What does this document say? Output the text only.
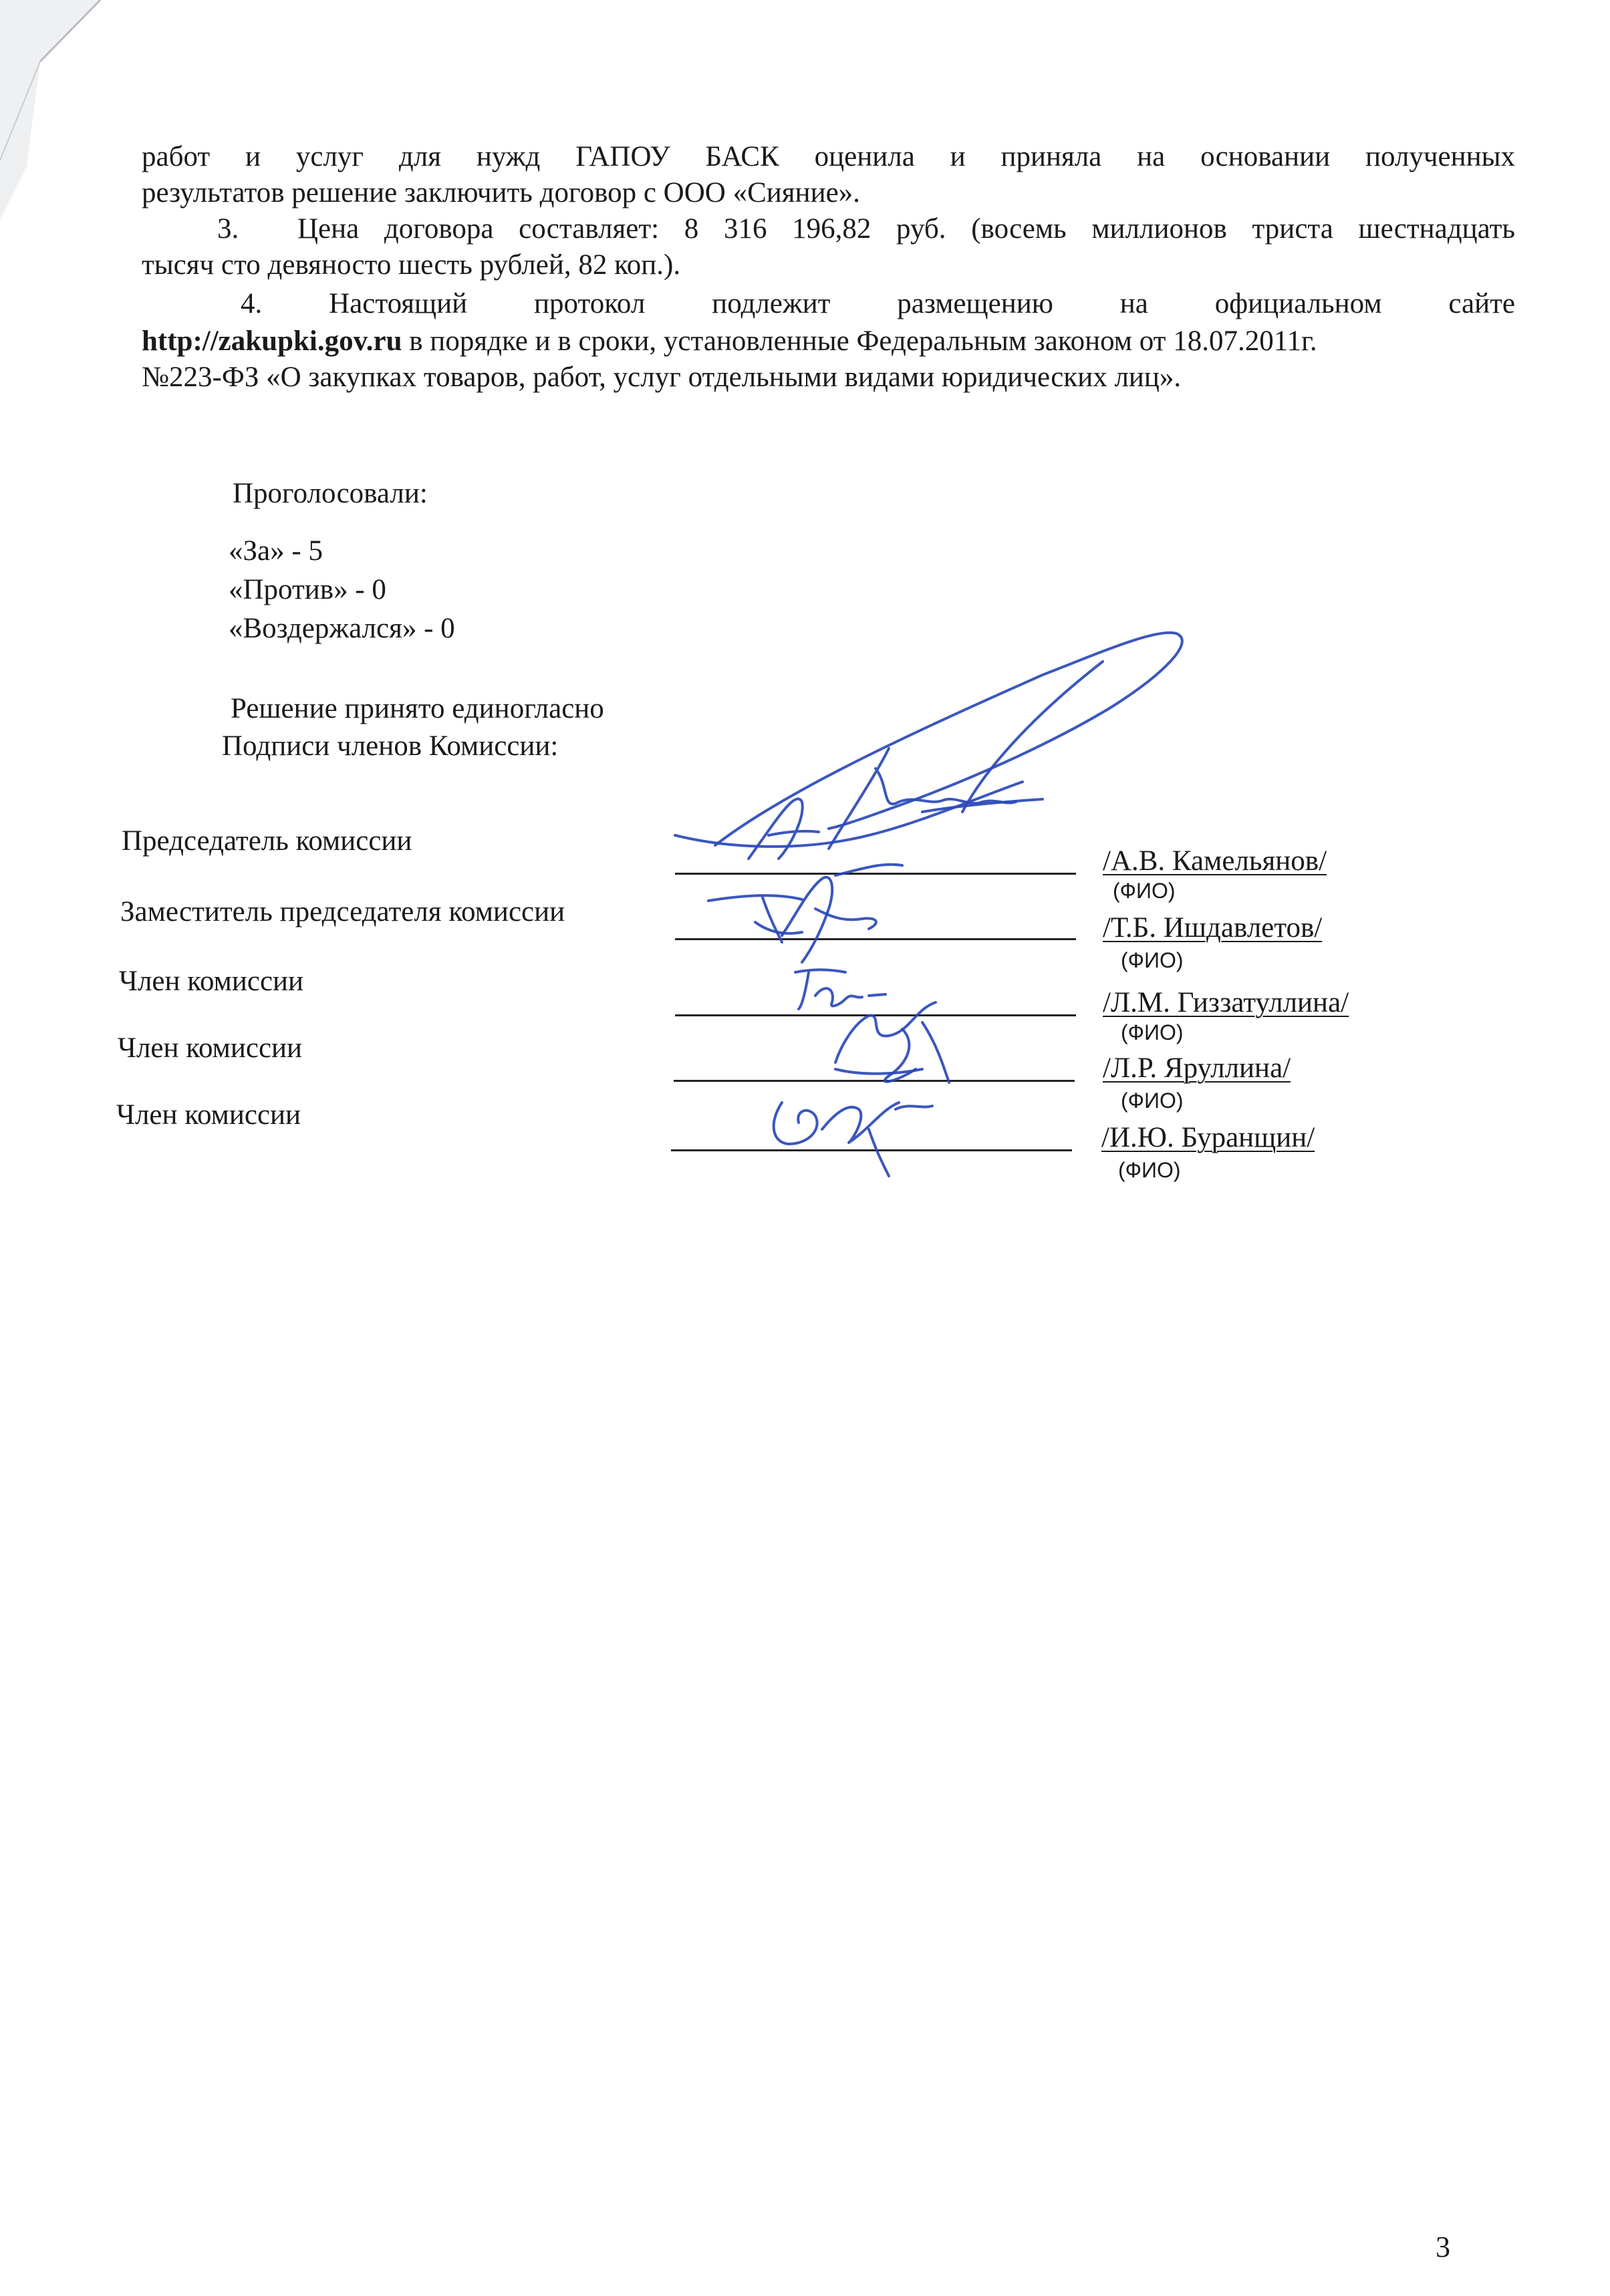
работ и услуг для нужд ГАПОУ БАСК оценила и приняла на основании полученных
результатов решение заключить договор с ООО «Сияние».
3. Цена договора составляет: 8 316 196,82 руб. (восемь миллионов триста шестнадцать
тысяч сто девяносто шесть рублей, 82 коп.).
4. Настоящий протокол подлежит размещению на официальном сайте
http://zakupki.gov.ru в порядке и в сроки, установленные Федеральным законом от 18.07.2011г.
№223-ФЗ «О закупках товаров, работ, услуг отдельными видами юридических лиц».
Проголосовали:
«За» - 5
«Против» - 0
«Воздержался» - 0
Решение принято единогласно
Подписи членов Комиссии:
Председатель комиссии
/А.В. Камельянов/
(ФИО)
Заместитель председателя комиссии
/Т.Б. Ишдавлетов/
(ФИО)
Член комиссии
/Л.М. Гиззатуллина/
(ФИО)
Член комиссии
/Л.Р. Яруллина/
(ФИО)
Член комиссии
/И.Ю. Буранщин/
(ФИО)
3
